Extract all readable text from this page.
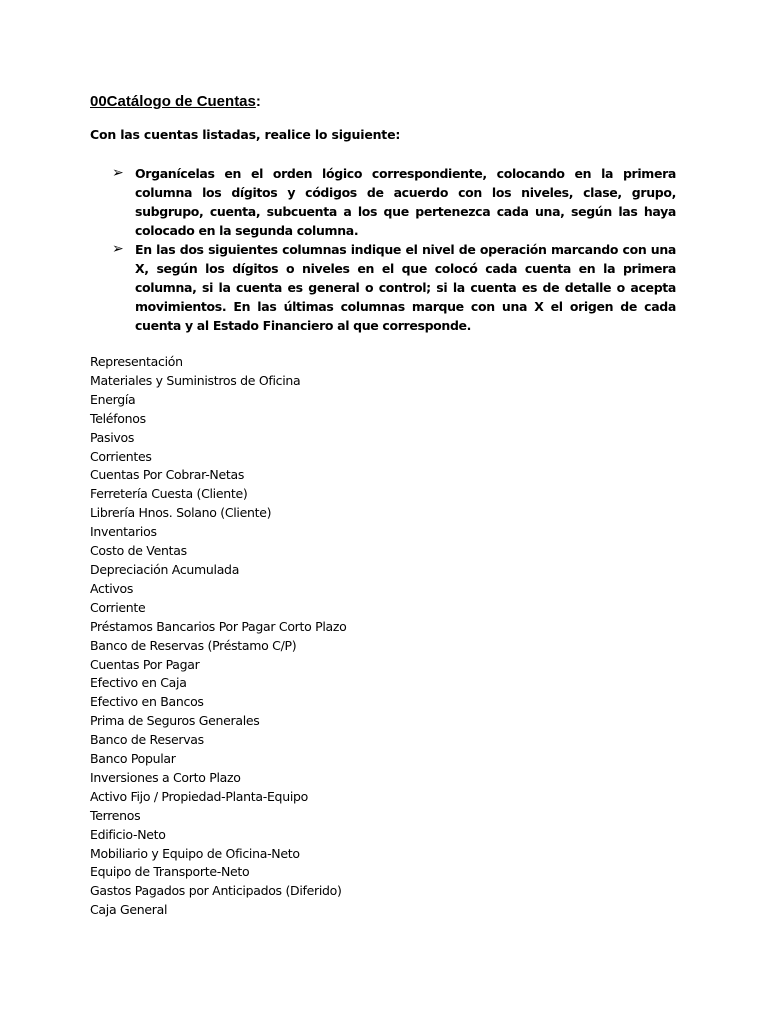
00Catálogo de Cuentas:
Con las cuentas listadas, realice lo siguiente:
➢ Organícelas en el orden lógico correspondiente, colocando en la primera columna los dígitos y códigos de acuerdo con los niveles, clase, grupo, subgrupo, cuenta, subcuenta a los que pertenezca cada una, según las haya colocado en la segunda columna.
➢ En las dos siguientes columnas indique el nivel de operación marcando con una X, según los dígitos o niveles en el que colocó cada cuenta en la primera columna, si la cuenta es general o control; si la cuenta es de detalle o acepta movimientos. En las últimas columnas marque con una X el origen de cada cuenta y al Estado Financiero al que corresponde.
Representación
Materiales y Suministros de Oficina
Energía
Teléfonos
Pasivos
Corrientes
Cuentas Por Cobrar-Netas
Ferretería Cuesta (Cliente)
Librería Hnos. Solano (Cliente)
Inventarios
Costo de Ventas
Depreciación Acumulada
Activos
Corriente
Préstamos Bancarios Por Pagar Corto Plazo
Banco de Reservas (Préstamo C/P)
Cuentas Por Pagar
Efectivo en Caja
Efectivo en Bancos
Prima de Seguros Generales
Banco de Reservas
Banco Popular
Inversiones a Corto Plazo
Activo Fijo / Propiedad-Planta-Equipo
Terrenos
Edificio-Neto
Mobiliario y Equipo de Oficina-Neto
Equipo de Transporte-Neto
Gastos Pagados por Anticipados (Diferido)
Caja General
